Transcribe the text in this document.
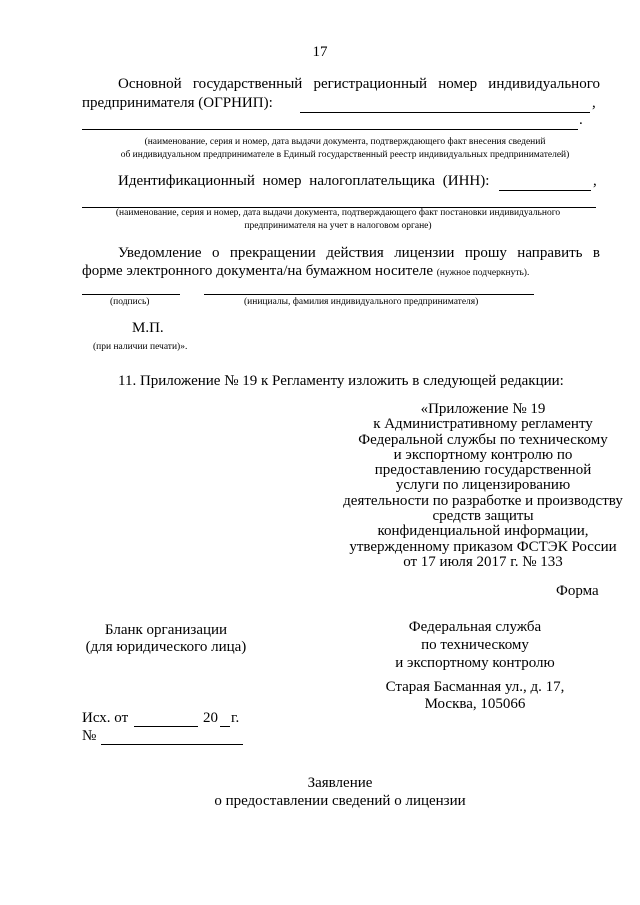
17
Основной государственный регистрационный номер индивидуального
предпринимателя (ОГРНИП):	,
.
(наименование, серия и номер, дата выдачи документа, подтверждающего факт внесения сведений
об индивидуальном предпринимателе в Единый государственный реестр индивидуальных предпринимателей)
Идентификационный номер налогоплательщика (ИНН):	,
(наименование, серия и номер, дата выдачи документа, подтверждающего факт постановки индивидуального
предпринимателя на учет в налоговом органе)
Уведомление о прекращении действия лицензии прошу направить в
форме электронного документа/на бумажном носителе (нужное подчеркнуть).
(подпись)	(инициалы, фамилия индивидуального предпринимателя)
М.П.
(при наличии печати)».
11. Приложение № 19 к Регламенту изложить в следующей редакции:
«Приложение № 19
к Административному регламенту
Федеральной службы по техническому
и экспортному контролю по
предоставлению государственной
услуги по лицензированию
деятельности по разработке и производству
средств защиты
конфиденциальной информации,
утвержденному приказом ФСТЭК России
от 17 июля 2017 г. № 133
Форма
Бланк организации
(для юридического лица)
Федеральная служба
по техническому
и экспортному контролю
Старая Басманная ул., д. 17,
Москва, 105066
Исх. от	20 г.
№
Заявление
о предоставлении сведений о лицензии
